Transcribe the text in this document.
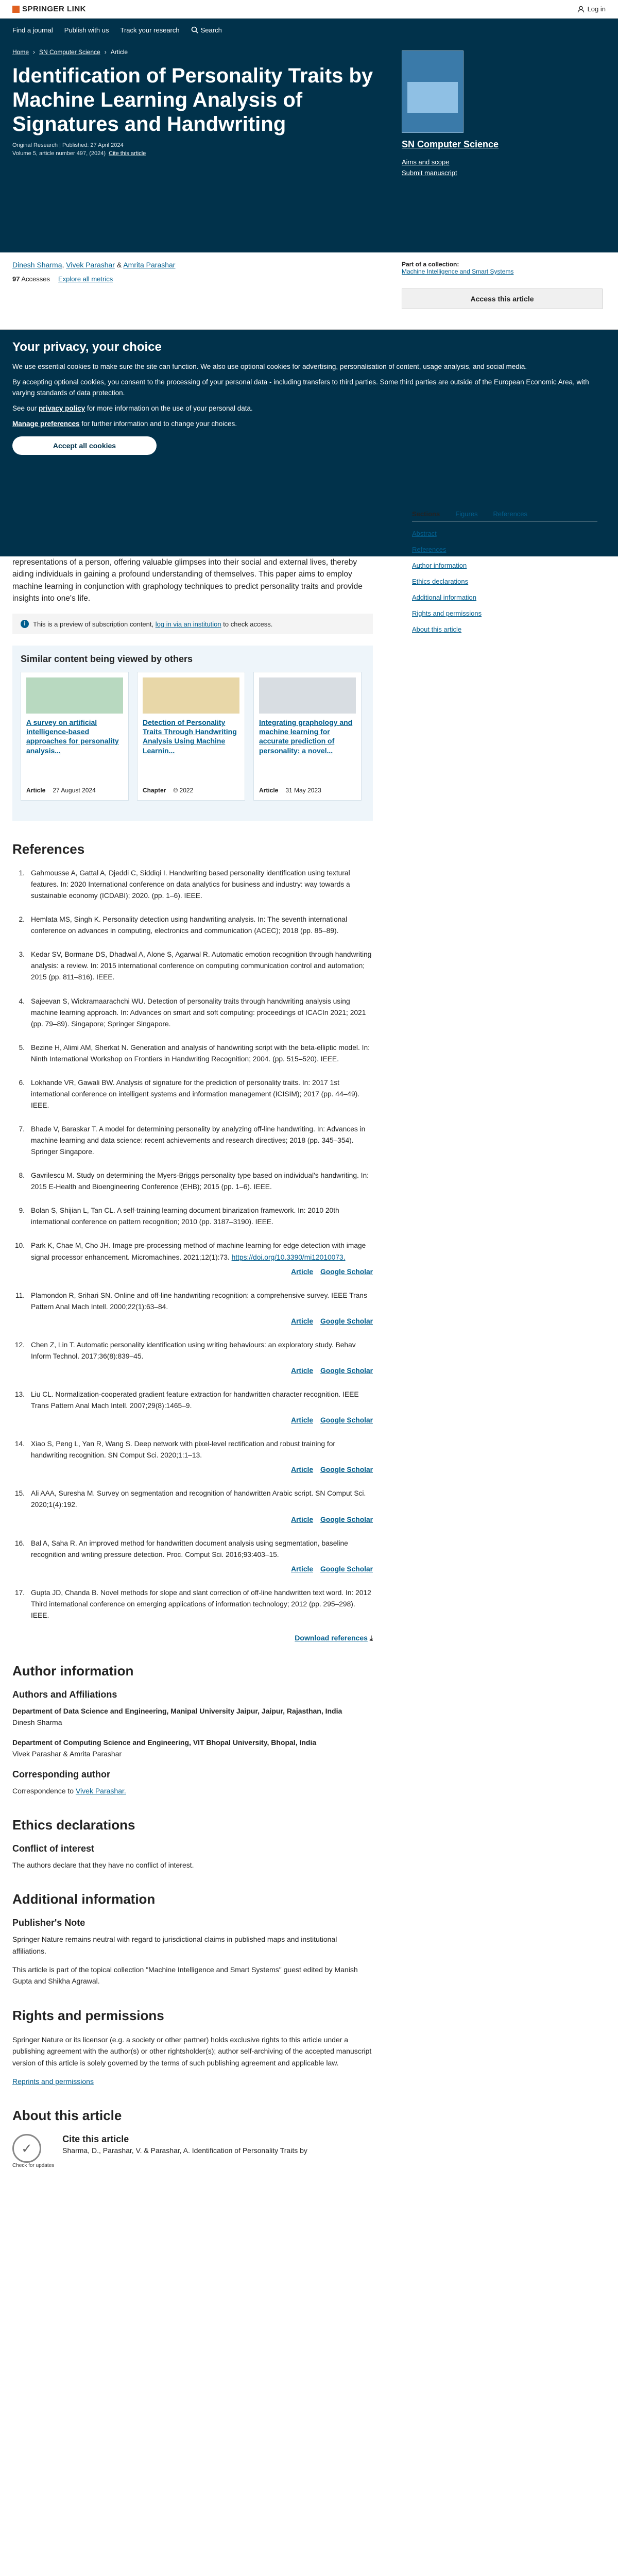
SPRINGER LINK	Log in
Find a journal Publish with us Track your research	Search
Home › SN Computer Science › Article
Identification of Personality Traits by Machine Learning Analysis of Signatures and Handwriting
Original Research | Published: 27 April 2024
Volume 5, article number 497, (2024) Cite this article
SN Computer Science
Aims and scope
Submit manuscript
Dinesh Sharma, Vivek Parashar & Amrita Parashar
97 Accesses Explore all metrics
Part of a collection:
Machine Intelligence and Smart Systems
Access this article
Your privacy, your choice

We use essential cookies to make sure the site can function. We also use optional cookies for advertising, personalisation of content, usage analysis, and social media.

By accepting optional cookies, you consent to the processing of your personal data - including transfers to third parties. Some third parties are outside of the European Economic Area, with varying standards of data protection.

See our privacy policy for more information on the use of your personal data.

Manage preferences for further information and to change your choices.

Accept all cookies

representations of a person, offering valuable glimpses into their social and external lives, thereby aiding individuals in gaining a profound understanding of themselves. This paper aims to employ machine learning in conjunction with graphology techniques to predict personality traits and provide insights into one's life.

i	This is a preview of subscription content, log in via an institution to check access.
Similar content being viewed by others
A survey on artificial intelligence-based approaches for personality analysis...
Article 27 August 2024
Detection of Personality Traits Through Handwriting Analysis Using Machine Learnin...
Chapter © 2022
Integrating graphology and machine learning for accurate prediction of personality: a novel...
Article 31 May 2023
References
1. Gahmousse A, Gattal A, Djeddi C, Siddiqi I. Handwriting based personality identification using textural features. In: 2020 International conference on data analytics for business and industry: way towards a sustainable economy (ICDABI); 2020. (pp. 1–6). IEEE.
2. Hemlata MS, Singh K. Personality detection using handwriting analysis. In: The seventh international conference on advances in computing, electronics and communication (ACEC); 2018 (pp. 85–89).
3. Kedar SV, Bormane DS, Dhadwal A, Alone S, Agarwal R. Automatic emotion recognition through handwriting analysis: a review. In: 2015 international conference on computing communication control and automation; 2015 (pp. 811–816). IEEE.
4. Sajeevan S, Wickramaarachchi WU. Detection of personality traits through handwriting analysis using machine learning approach. In: Advances on smart and soft computing: proceedings of ICACIn 2021; 2021 (pp. 79–89). Singapore; Springer Singapore.
5. Bezine H, Alimi AM, Sherkat N. Generation and analysis of handwriting script with the beta-elliptic model. In: Ninth International Workshop on Frontiers in Handwriting Recognition; 2004. (pp. 515–520). IEEE.
6. Lokhande VR, Gawali BW. Analysis of signature for the prediction of personality traits. In: 2017 1st international conference on intelligent systems and information management (ICISIM); 2017 (pp. 44–49). IEEE.
7. Bhade V, Baraskar T. A model for determining personality by analyzing off-line handwriting. In: Advances in machine learning and data science: recent achievements and research directives; 2018 (pp. 345–354). Springer Singapore.
8. Gavrilescu M. Study on determining the Myers-Briggs personality type based on individual's handwriting. In: 2015 E-Health and Bioengineering Conference (EHB); 2015 (pp. 1–6). IEEE.
9. Bolan S, Shijian L, Tan CL. A self-training learning document binarization framework. In: 2010 20th international conference on pattern recognition; 2010 (pp. 3187–3190). IEEE.
10. Park K, Chae M, Cho JH. Image pre-processing method of machine learning for edge detection with image signal processor enhancement. Micromachines. 2021;12(1):73. https://doi.org/10.3390/mi12010073.
Article Google Scholar
11. Plamondon R, Srihari SN. Online and off-line handwriting recognition: a comprehensive survey. IEEE Trans Pattern Anal Mach Intell. 2000;22(1):63–84.
Article Google Scholar
12. Chen Z, Lin T. Automatic personality identification using writing behaviours: an exploratory study. Behav Inform Technol. 2017;36(8):839–45.
Article Google Scholar
13. Liu CL. Normalization-cooperated gradient feature extraction for handwritten character recognition. IEEE Trans Pattern Anal Mach Intell. 2007;29(8):1465–9.
Article Google Scholar
14. Xiao S, Peng L, Yan R, Wang S. Deep network with pixel-level rectification and robust training for handwriting recognition. SN Comput Sci. 2020;1:1–13.
Article Google Scholar
15. Ali AAA, Suresha M. Survey on segmentation and recognition of handwritten Arabic script. SN Comput Sci. 2020;1(4):192.
Article Google Scholar
16. Bal A, Saha R. An improved method for handwritten document analysis using segmentation, baseline recognition and writing pressure detection. Proc. Comput Sci. 2016;93:403–15.
Article Google Scholar
17. Gupta JD, Chanda B. Novel methods for slope and slant correction of off-line handwritten text word. In: 2012 Third international conference on emerging applications of information technology; 2012 (pp. 295–298). IEEE.
Download references ⤓
Author information
Authors and Affiliations
Department of Data Science and Engineering, Manipal University Jaipur, Jaipur, Rajasthan, India
Dinesh Sharma
Department of Computing Science and Engineering, VIT Bhopal University, Bhopal, India
Vivek Parashar & Amrita Parashar
Corresponding author

Correspondence to Vivek Parashar.

Ethics declarations
Conflict of interest

The authors declare that they have no conflict of interest.

Additional information
Publisher's Note

Springer Nature remains neutral with regard to jurisdictional claims in published maps and institutional affiliations.

This article is part of the topical collection "Machine Intelligence and Smart Systems" guest edited by Manish Gupta and Shikha Agrawal.

Rights and permissions

Springer Nature or its licensor (e.g. a society or other partner) holds exclusive rights to this article under a publishing agreement with the author(s) or other rightsholder(s); author self-archiving of the accepted manuscript version of this article is solely governed by the terms of such publishing agreement and applicable law.

Reprints and permissions

About this article
✓
Check for updates
Cite this article
Sharma, D., Parashar, V. & Parashar, A. Identification of Personality Traits by
Sections Figures References
Abstract
References
Author information
Ethics declarations
Additional information
Rights and permissions
About this article
